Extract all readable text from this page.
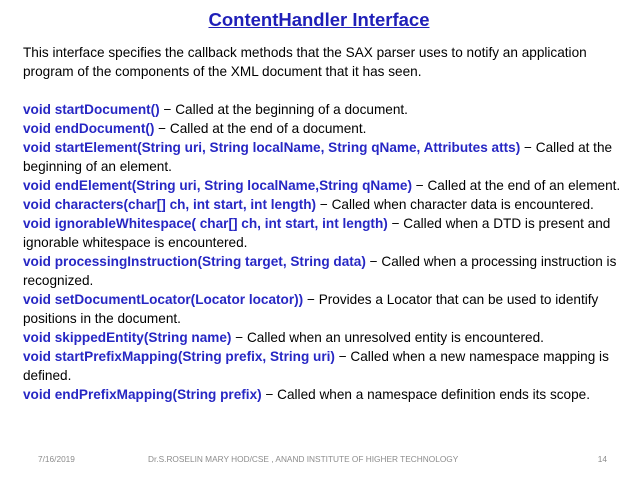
ContentHandler Interface

This interface specifies the callback methods that the SAX parser uses to notify an application program of the components of the XML document that it has seen.

void startDocument() − Called at the beginning of a document.
void endDocument() − Called at the end of a document.
void startElement(String uri, String localName, String qName, Attributes atts) − Called at the beginning of an element.
void endElement(String uri, String localName,String qName) − Called at the end of an element.
void characters(char[] ch, int start, int length) − Called when character data is encountered.
void ignorableWhitespace( char[] ch, int start, int length) − Called when a DTD is present and ignorable whitespace is encountered.
void processingInstruction(String target, String data) − Called when a processing instruction is recognized.
void setDocumentLocator(Locator locator)) − Provides a Locator that can be used to identify positions in the document.
void skippedEntity(String name) − Called when an unresolved entity is encountered.
void startPrefixMapping(String prefix, String uri) − Called when a new namespace mapping is defined.
void endPrefixMapping(String prefix) − Called when a namespace definition ends its scope.
7/16/2019	Dr.S.ROSELIN MARY HOD/CSE , ANAND INSTITUTE OF HIGHER TECHNOLOGY	14
